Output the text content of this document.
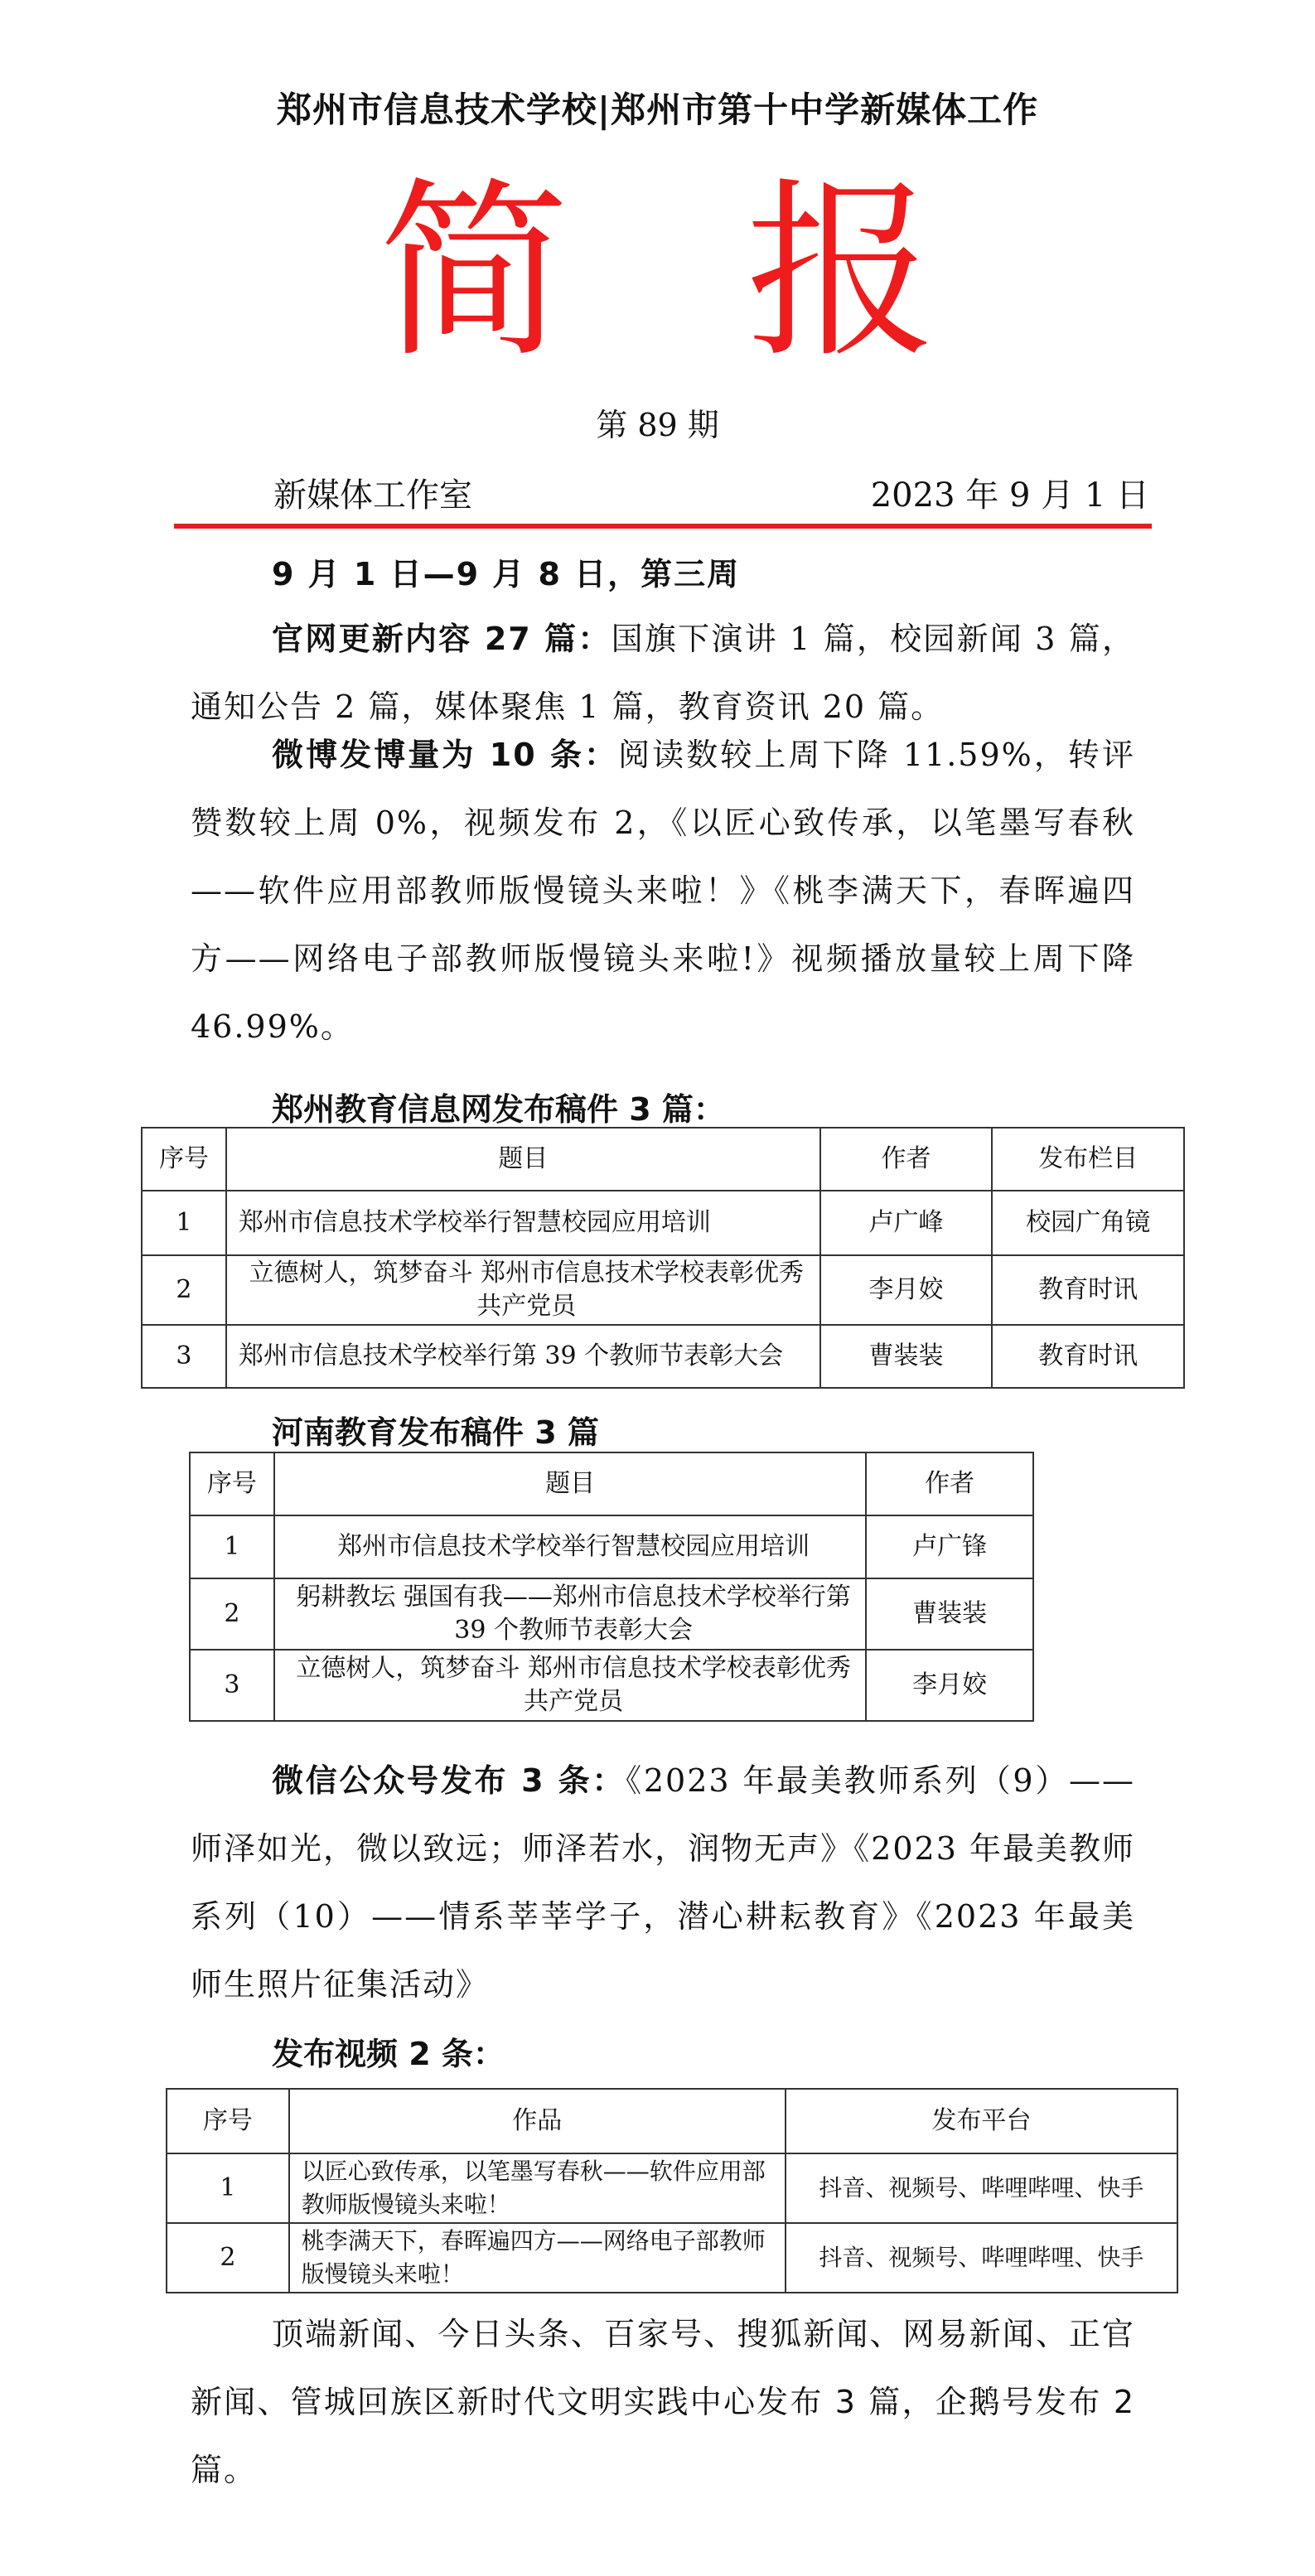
郑州市信息技术学校|郑州市第十中学新媒体工作
简 报
第 89 期
新媒体工作室	2023 年 9 月 1 日
9 月 1 日—9 月 8 日，第三周
官网更新内容 27 篇：国旗下演讲 1 篇，校园新闻 3 篇，通知公告 2 篇，媒体聚焦 1 篇，教育资讯 20 篇。
微博发博量为 10 条：阅读数较上周下降 11.59%，转评赞数较上周 0%，视频发布 2，《以匠心致传承，以笔墨写春秋——软件应用部教师版慢镜头来啦！》《桃李满天下，春晖遍四方——网络电子部教师版慢镜头来啦!》视频播放量较上周下降 46.99%。
郑州教育信息网发布稿件 3 篇：
序号	题目	作者	发布栏目
1	郑州市信息技术学校举行智慧校园应用培训	卢广峰	校园广角镜
2	立德树人，筑梦奋斗 郑州市信息技术学校表彰优秀共产党员	李月姣	教育时讯
3	郑州市信息技术学校举行第 39 个教师节表彰大会	曹装装	教育时讯
河南教育发布稿件 3 篇
序号	题目	作者
1	郑州市信息技术学校举行智慧校园应用培训	卢广锋
2	躬耕教坛 强国有我——郑州市信息技术学校举行第 39 个教师节表彰大会	曹装装
3	立德树人，筑梦奋斗 郑州市信息技术学校表彰优秀共产党员	李月姣
微信公众号发布 3 条：《2023 年最美教师系列（9）——师泽如光，微以致远；师泽若水，润物无声》《2023 年最美教师系列（10）——情系莘莘学子，潜心耕耘教育》《2023 年最美师生照片征集活动》
发布视频 2 条：
序号	作品	发布平台
1	以匠心致传承，以笔墨写春秋——软件应用部教师版慢镜头来啦！	抖音、视频号、哔哩哔哩、快手
2	桃李满天下，春晖遍四方——网络电子部教师版慢镜头来啦！	抖音、视频号、哔哩哔哩、快手
顶端新闻、今日头条、百家号、搜狐新闻、网易新闻、正官新闻、管城回族区新时代文明实践中心发布 3 篇，企鹅号发布 2 篇。
